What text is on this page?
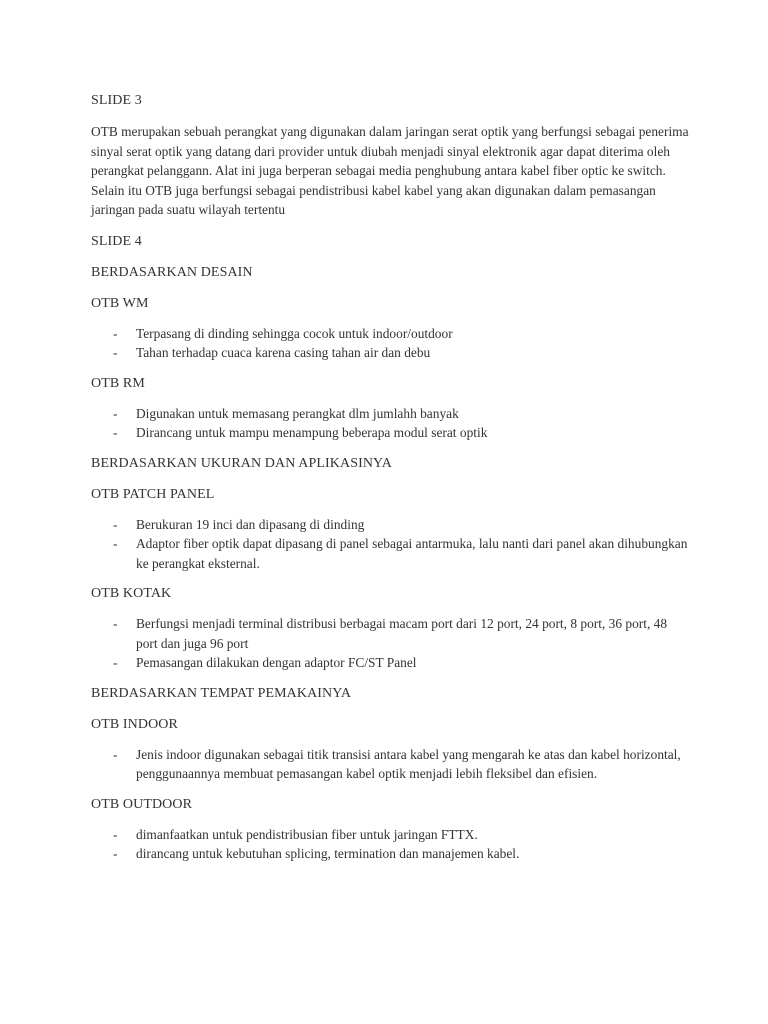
SLIDE 3
OTB merupakan sebuah perangkat yang digunakan dalam jaringan serat optik yang berfungsi sebagai penerima sinyal serat optik yang datang dari provider untuk diubah menjadi sinyal elektronik agar dapat diterima oleh perangkat pelanggann. Alat ini juga berperan sebagai media penghubung antara kabel fiber optic ke switch. Selain itu OTB juga berfungsi sebagai pendistribusi kabel kabel yang akan digunakan dalam pemasangan jaringan pada suatu wilayah tertentu
SLIDE 4
BERDASARKAN DESAIN
OTB WM
- Terpasang di dinding sehingga cocok untuk indoor/outdoor
- Tahan terhadap cuaca karena casing tahan air dan debu
OTB RM
- Digunakan untuk memasang perangkat dlm jumlahh banyak
- Dirancang untuk mampu menampung beberapa modul serat optik
BERDASARKAN UKURAN DAN APLIKASINYA
OTB PATCH PANEL
- Berukuran 19 inci dan dipasang di dinding
- Adaptor fiber optik dapat dipasang di panel sebagai antarmuka, lalu nanti dari panel akan dihubungkan ke perangkat eksternal.
OTB KOTAK
- Berfungsi menjadi terminal distribusi berbagai macam port dari 12 port, 24 port, 8 port, 36 port, 48 port dan juga 96 port
- Pemasangan dilakukan dengan adaptor FC/ST Panel
BERDASARKAN TEMPAT PEMAKAINYA
OTB INDOOR
- Jenis indoor digunakan sebagai titik transisi antara kabel yang mengarah ke atas dan kabel horizontal, penggunaannya membuat pemasangan kabel optik menjadi lebih fleksibel dan efisien.
OTB OUTDOOR
- dimanfaatkan untuk pendistribusian fiber untuk jaringan FTTX.
- dirancang untuk kebutuhan splicing, termination dan manajemen kabel.
